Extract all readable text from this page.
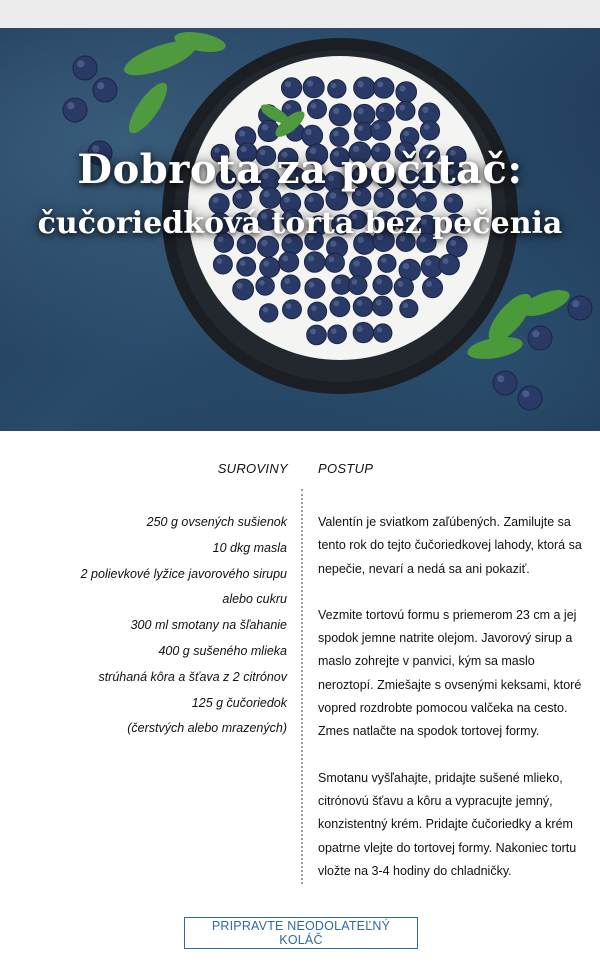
Dobrota za počítač:
čučoriedková torta bez pečenia
SUROVINY POSTUP
250 g ovsených sušienok
10 dkg masla
2 polievkové lyžice javorového sirupu
alebo cukru
300 ml smotany na šľahanie
400 g sušeného mlieka
strúhaná kôra a šťava z 2 citrónov
125 g čučoriedok
(čerstvých alebo mrazených)

Valentín je sviatkom zaľúbených. Zamilujte sa tento rok do tejto čučoriedkovej lahody, ktorá sa nepečie, nevarí a nedá sa ani pokaziť.

Vezmite tortovú formu s priemerom 23 cm a jej spodok jemne natrite olejom. Javorový sirup a maslo zohrejte v panvici, kým sa maslo neroztopí. Zmiešajte s ovsenými keksami, ktoré vopred rozdrobte pomocou valčeka na cesto. Zmes natlačte na spodok tortovej formy.

Smotanu vyšľahajte, pridajte sušené mlieko, citrónovú šťavu a kôru a vypracujte jemný, konzistentný krém. Pridajte čučoriedky a krém opatrne vlejte do tortovej formy. Nakoniec tortu vložte na 3-4 hodiny do chladničky.

PRIPRAVTE NEODOLATEĽNÝ KOLÁČ
